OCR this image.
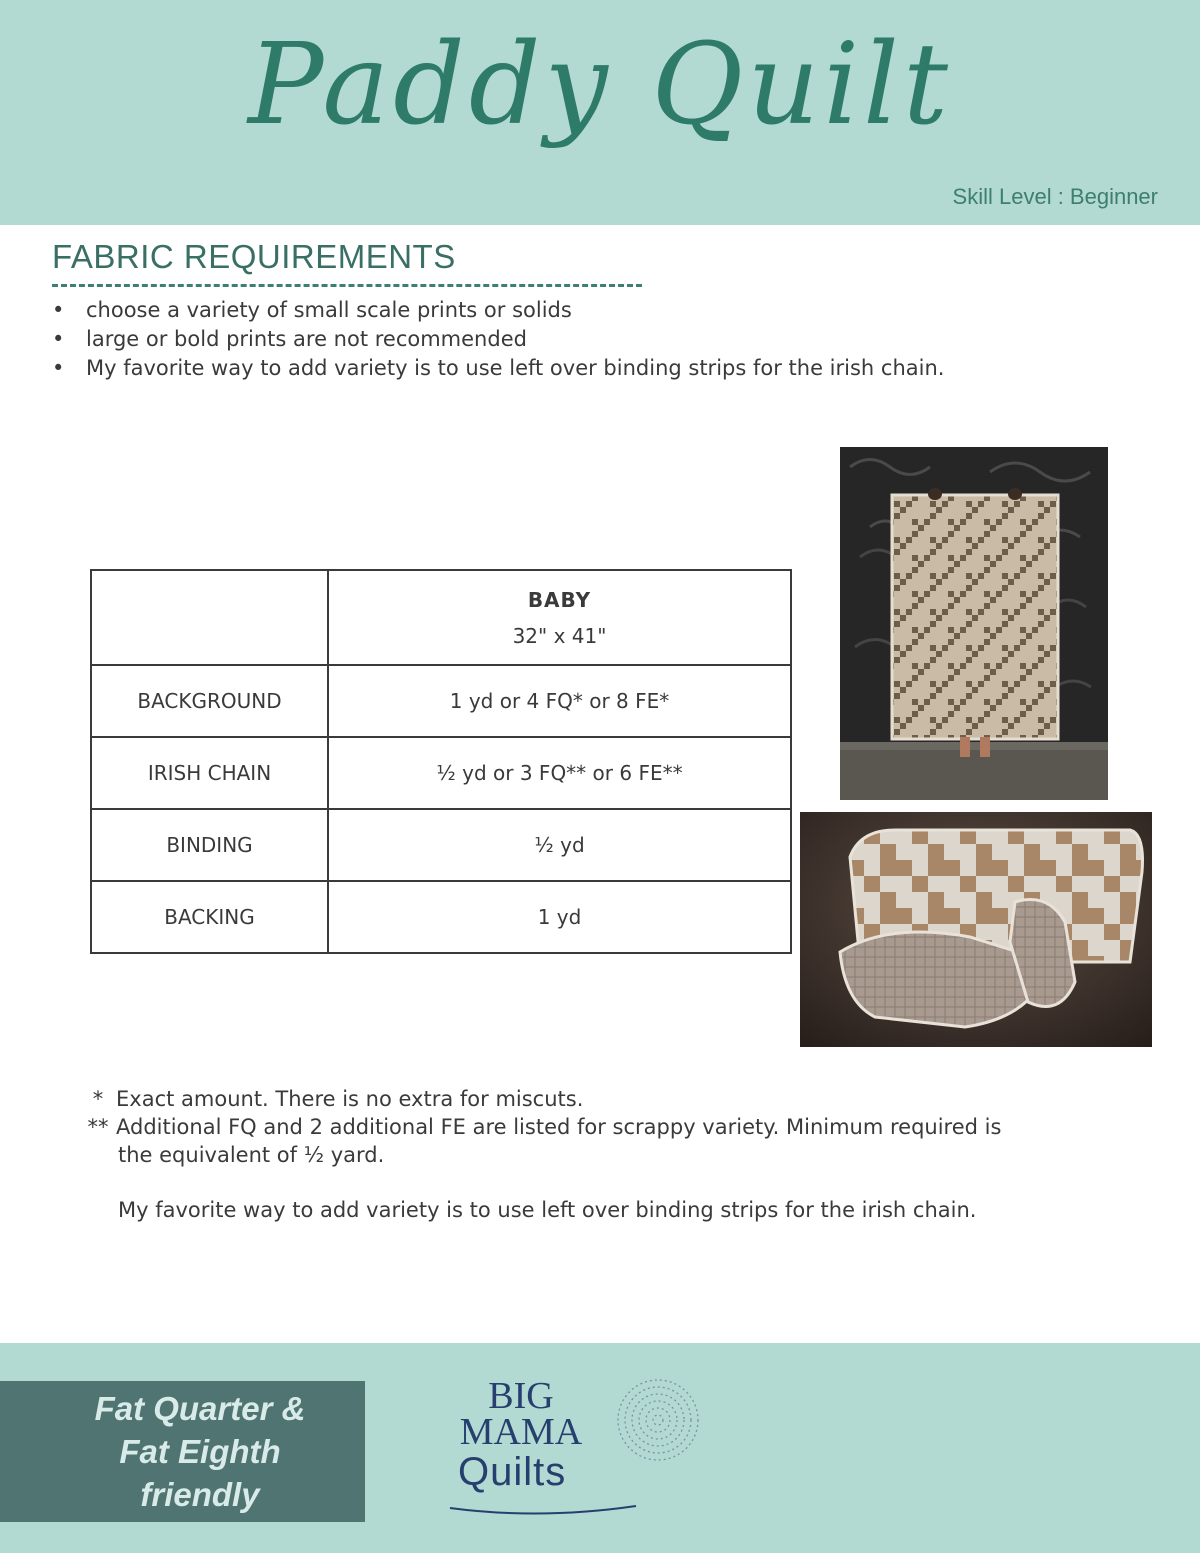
Paddy Quilt
Skill Level : Beginner
FABRIC REQUIREMENTS
• choose a variety of small scale prints or solids
• large or bold prints are not recommended
• My favorite way to add variety is to use left over binding strips for the irish chain.

	BABY
32" x 41"

BACKGROUND	1 yd or 4 FQ* or 8 FE*
IRISH CHAIN	½ yd or 3 FQ** or 6 FE**
BINDING	½ yd
BACKING	1 yd
* Exact amount. There is no extra for miscuts.
** Additional FQ and 2 additional FE are listed for scrappy variety. Minimum required is
the equivalent of ½ yard.
My favorite way to add variety is to use left over binding strips for the irish chain.
Fat Quarter &
Fat Eighth
friendly
BIG
MAMA
Quilts
